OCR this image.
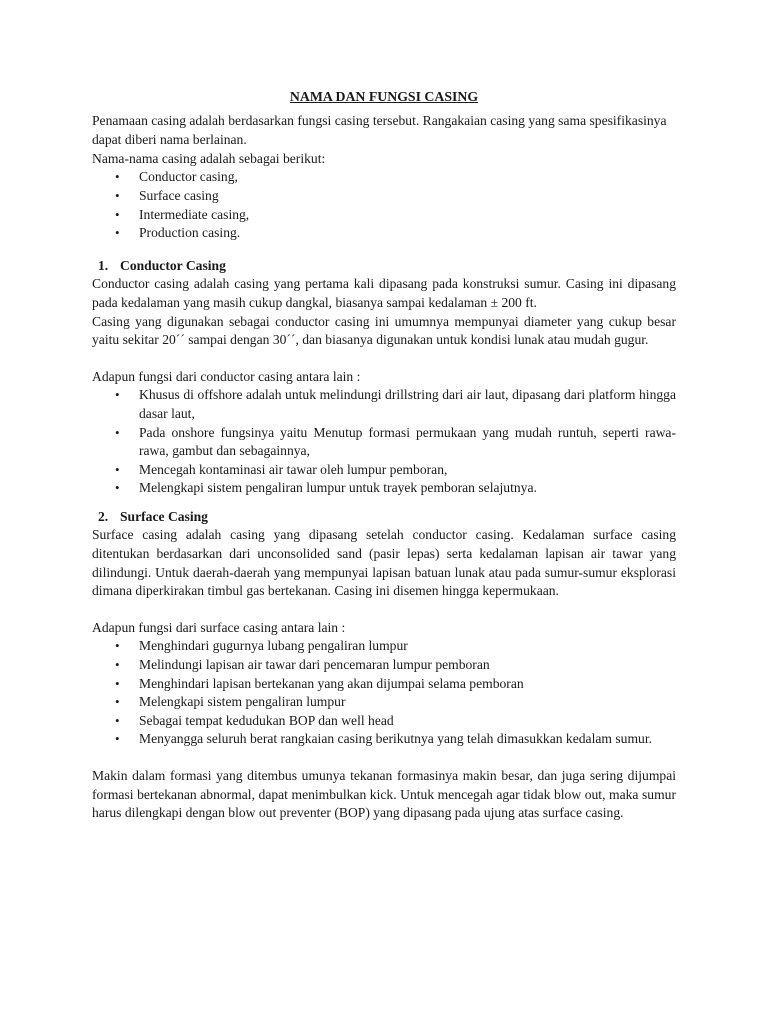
NAMA DAN FUNGSI CASING

Penamaan casing adalah berdasarkan fungsi casing tersebut. Rangakaian casing yang sama spesifikasinya dapat diberi nama berlainan.

Nama-nama casing adalah sebagai berikut:

• Conductor casing,
• Surface casing
• Intermediate casing,
• Production casing.
1. Conductor Casing

Conductor casing adalah casing yang pertama kali dipasang pada konstruksi sumur. Casing ini dipasang pada kedalaman yang masih cukup dangkal, biasanya sampai kedalaman ± 200 ft.

Casing yang digunakan sebagai conductor casing ini umumnya mempunyai diameter yang cukup besar yaitu sekitar 20´´ sampai dengan 30´´, dan biasanya digunakan untuk kondisi lunak atau mudah gugur.

Adapun fungsi dari conductor casing antara lain :

• Khusus di offshore adalah untuk melindungi drillstring dari air laut, dipasang dari platform hingga dasar laut,
• Pada onshore fungsinya yaitu Menutup formasi permukaan yang mudah runtuh, seperti rawa-rawa, gambut dan sebagainnya,
• Mencegah kontaminasi air tawar oleh lumpur pemboran,
• Melengkapi sistem pengaliran lumpur untuk trayek pemboran selajutnya.
2. Surface Casing

Surface casing adalah casing yang dipasang setelah conductor casing. Kedalaman surface casing ditentukan berdasarkan dari unconsolided sand (pasir lepas) serta kedalaman lapisan air tawar yang dilindungi. Untuk daerah-daerah yang mempunyai lapisan batuan lunak atau pada sumur-sumur eksplorasi dimana diperkirakan timbul gas bertekanan. Casing ini disemen hingga kepermukaan.

Adapun fungsi dari surface casing antara lain :

• Menghindari gugurnya lubang pengaliran lumpur
• Melindungi lapisan air tawar dari pencemaran lumpur pemboran
• Menghindari lapisan bertekanan yang akan dijumpai selama pemboran
• Melengkapi sistem pengaliran lumpur
• Sebagai tempat kedudukan BOP dan well head
• Menyangga seluruh berat rangkaian casing berikutnya yang telah dimasukkan kedalam sumur.

Makin dalam formasi yang ditembus umunya tekanan formasinya makin besar, dan juga sering dijumpai formasi bertekanan abnormal, dapat menimbulkan kick. Untuk mencegah agar tidak blow out, maka sumur harus dilengkapi dengan blow out preventer (BOP) yang dipasang pada ujung atas surface casing.
